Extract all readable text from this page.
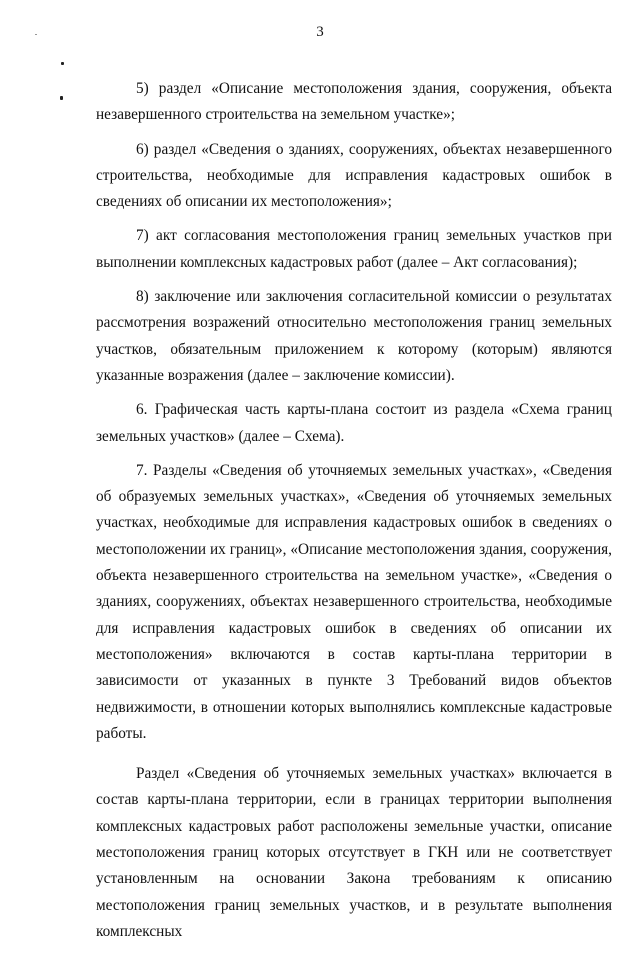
3

5) раздел «Описание местоположения здания, сооружения, объекта незавершенного строительства на земельном участке»;

6) раздел «Сведения о зданиях, сооружениях, объектах незавершенного строительства, необходимые для исправления кадастровых ошибок в сведениях об описании их местоположения»;

7) акт согласования местоположения границ земельных участков при выполнении комплексных кадастровых работ (далее – Акт согласования);

8) заключение или заключения согласительной комиссии о результатах рассмотрения возражений относительно местоположения границ земельных участков, обязательным приложением к которому (которым) являются указанные возражения (далее – заключение комиссии).

6. Графическая часть карты-плана состоит из раздела «Схема границ земельных участков» (далее – Схема).

7. Разделы «Сведения об уточняемых земельных участках», «Сведения об образуемых земельных участках», «Сведения об уточняемых земельных участках, необходимые для исправления кадастровых ошибок в сведениях о местоположении их границ», «Описание местоположения здания, сооружения, объекта незавершенного строительства на земельном участке», «Сведения о зданиях, сооружениях, объектах незавершенного строительства, необходимые для исправления кадастровых ошибок в сведениях об описании их местоположения» включаются в состав карты-плана территории в зависимости от указанных в пункте 3 Требований видов объектов недвижимости, в отношении которых выполнялись комплексные кадастровые работы.

Раздел «Сведения об уточняемых земельных участках» включается в состав карты-плана территории, если в границах территории выполнения комплексных кадастровых работ расположены земельные участки, описание местоположения границ которых отсутствует в ГКН или не соответствует установленным на основании Закона требованиям к описанию местоположения границ земельных участков, и в результате выполнения комплексных
